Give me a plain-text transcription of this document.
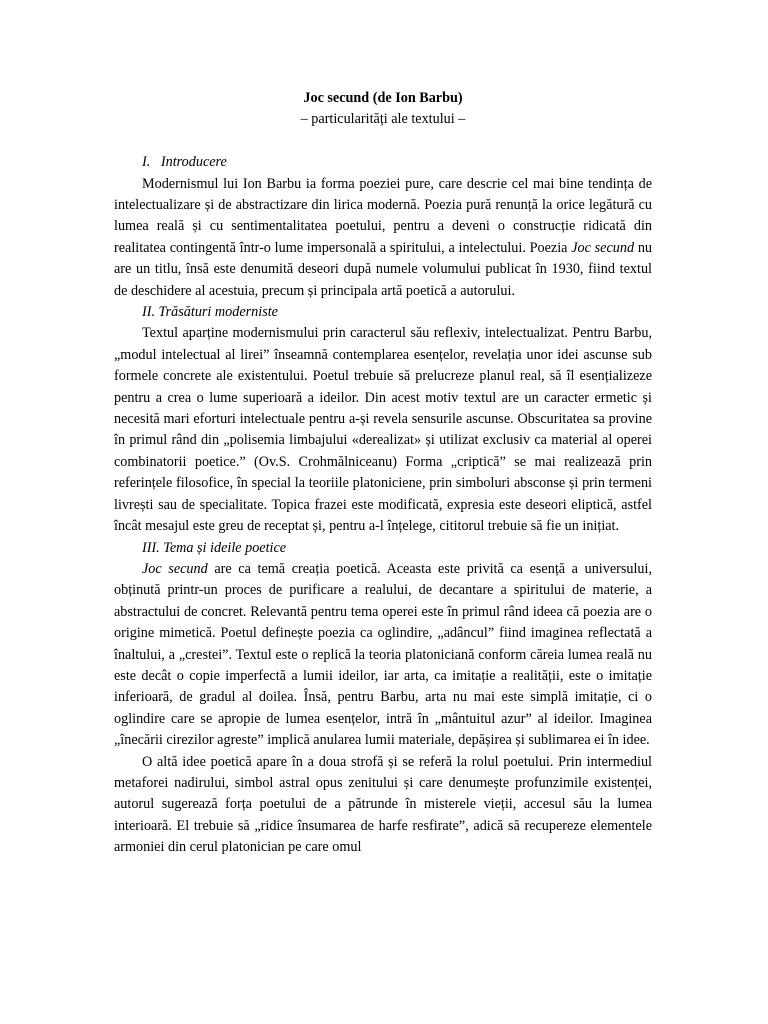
Joc secund (de Ion Barbu)

– particularități ale textului –

I.   Introducere

Modernismul lui Ion Barbu ia forma poeziei pure, care descrie cel mai bine tendința de intelectualizare și de abstractizare din lirica modernă. Poezia pură renunță la orice legătură cu lumea reală și cu sentimentalitatea poetului, pentru a deveni o construcție ridicată din realitatea contingentă într-o lume impersonală a spiritului, a intelectului. Poezia Joc secund nu are un titlu, însă este denumită deseori după numele volumului publicat în 1930, fiind textul de deschidere al acestuia, precum și principala artă poetică a autorului.

II. Trăsături moderniste

Textul aparține modernismului prin caracterul său reflexiv, intelectualizat. Pentru Barbu, „modul intelectual al lirei” înseamnă contemplarea esențelor, revelația unor idei ascunse sub formele concrete ale existentului. Poetul trebuie să prelucreze planul real, să îl esențializeze pentru a crea o lume superioară a ideilor. Din acest motiv textul are un caracter ermetic și necesită mari eforturi intelectuale pentru a-și revela sensurile ascunse. Obscuritatea sa provine în primul rând din „polisemia limbajului «derealizat» și utilizat exclusiv ca material al operei combinatorii poetice.” (Ov.S. Crohmălniceanu) Forma „criptică” se mai realizează prin referințele filosofice, în special la teoriile platoniciene, prin simboluri absconse și prin termeni livrești sau de specialitate. Topica frazei este modificată, expresia este deseori eliptică, astfel încât mesajul este greu de receptat și, pentru a-l înțelege, cititorul trebuie să fie un inițiat.

III. Tema și ideile poetice

Joc secund are ca temă creația poetică. Aceasta este privită ca esență a universului, obținută printr-un proces de purificare a realului, de decantare a spiritului de materie, a abstractului de concret. Relevantă pentru tema operei este în primul rând ideea că poezia are o origine mimetică. Poetul definește poezia ca oglindire, „adâncul” fiind imaginea reflectată a înaltului, a „crestei”. Textul este o replică la teoria platoniciană conform căreia lumea reală nu este decât o copie imperfectă a lumii ideilor, iar arta, ca imitație a realității, este o imitație inferioară, de gradul al doilea. Însă, pentru Barbu, arta nu mai este simplă imitație, ci o oglindire care se apropie de lumea esențelor, intră în „mântuitul azur” al ideilor. Imaginea „înecării cirezilor agreste” implică anularea lumii materiale, depășirea și sublimarea ei în idee.

O altă idee poetică apare în a doua strofă și se referă la rolul poetului. Prin intermediul metaforei nadirului, simbol astral opus zenitului și care denumește profunzimile existenței, autorul sugerează forța poetului de a pătrunde în misterele vieții, accesul său la lumea interioară. El trebuie să „ridice însumarea de harfe resfirate”, adică să recupereze elementele armoniei din cerul platonician pe care omul
